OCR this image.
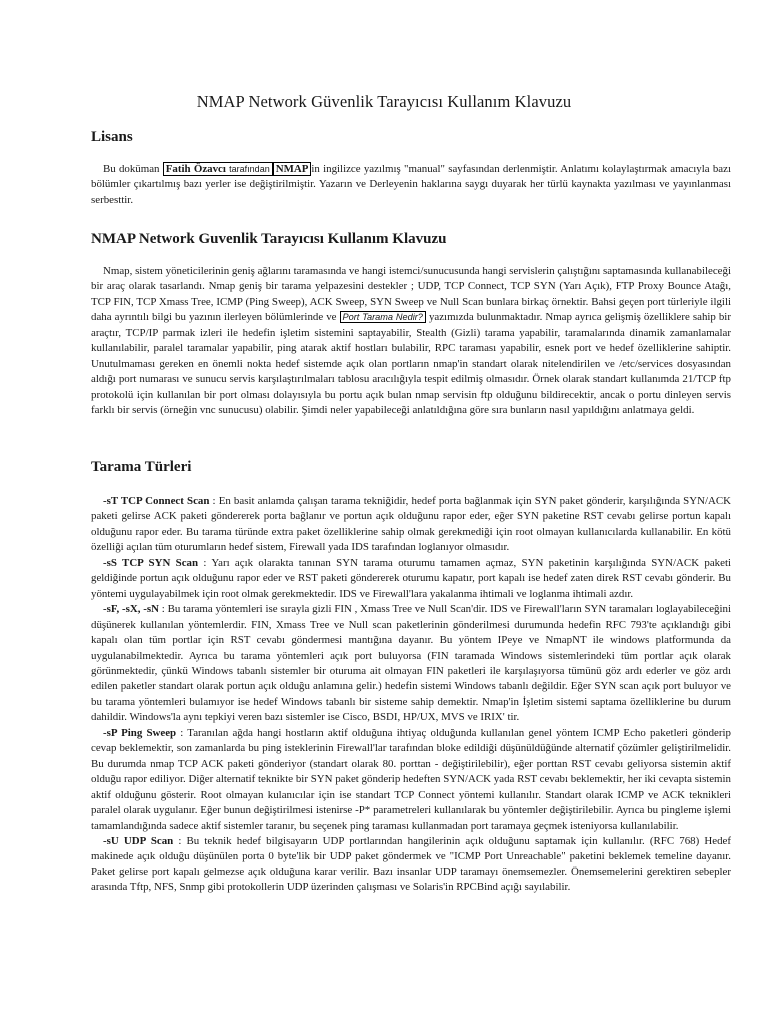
NMAP Network Güvenlik Tarayıcısı Kullanım Klavuzu
Lisans

Bu doküman Fatih Özavcı tarafından NMAP in ingilizce yazılmış "manual" sayfasından derlenmiştir. Anlatımı kolaylaştırmak amacıyla bazı bölümler çıkartılmış bazı yerler ise değiştirilmiştir. Yazarın ve Derleyenin haklarına saygı duyarak her türlü kaynakta yazılması ve yayınlanması serbesttir.

NMAP Network Guvenlik Tarayıcısı Kullanım Klavuzu

Nmap, sistem yöneticilerinin geniş ağlarını taramasında ve hangi istemci/sunucusunda hangi servislerin çalıştığını saptamasında kullanabileceği bir araç olarak tasarlandı. Nmap geniş bir tarama yelpazesini destekler ; UDP, TCP Connect, TCP SYN (Yarı Açık), FTP Proxy Bounce Atağı, TCP FIN, TCP Xmass Tree, ICMP (Ping Sweep), ACK Sweep, SYN Sweep ve Null Scan bunlara birkaç örnektir. Bahsi geçen port türleriyle ilgili daha ayrıntılı bilgi bu yazının ilerleyen bölümlerinde ve Port Tarama Nedir? yazımızda bulunmaktadır. Nmap ayrıca gelişmiş özelliklere sahip bir araçtır, TCP/IP parmak izleri ile hedefin işletim sistemini saptayabilir, Stealth (Gizli) tarama yapabilir, taramalarında dinamik zamanlamalar kullanılabilir, paralel taramalar yapabilir, ping atarak aktif hostları bulabilir, RPC taraması yapabilir, esnek port ve hedef özelliklerine sahiptir. Unutulmaması gereken en önemli nokta hedef sistemde açık olan portların nmap'in standart olarak nitelendirilen ve /etc/services dosyasından aldığı port numarası ve sunucu servis karşılaştırılmaları tablosu aracılığıyla tespit edilmiş olmasıdır. Örnek olarak standart kullanımda 21/TCP ftp protokolü için kullanılan bir port olması dolayısıyla bu portu açık bulan nmap servisin ftp olduğunu bildirecektir, ancak o portu dinleyen servis farklı bir servis (örneğin vnc sunucusu) olabilir. Şimdi neler yapabileceği anlatıldığına göre sıra bunların nasıl yapıldığını anlatmaya geldi.

Tarama Türleri

-sT TCP Connect Scan : En basit anlamda çalışan tarama tekniğidir, hedef porta bağlanmak için SYN paket gönderir, karşılığında SYN/ACK paketi gelirse ACK paketi göndererek porta bağlanır ve portun açık olduğunu rapor eder, eğer SYN paketine RST cevabı gelirse portun kapalı olduğunu rapor eder. Bu tarama türünde extra paket özelliklerine sahip olmak gerekmediği için root olmayan kullanıcılarda kullanabilir. En kötü özelliği açılan tüm oturumların hedef sistem, Firewall yada IDS tarafından loglanıyor olmasıdır.

-sS TCP SYN Scan : Yarı açık olarakta tanınan SYN tarama oturumu tamamen açmaz, SYN paketinin karşılığında SYN/ACK paketi geldiğinde portun açık olduğunu rapor eder ve RST paketi göndererek oturumu kapatır, port kapalı ise hedef zaten direk RST cevabı gönderir. Bu yöntemi uygulayabilmek için root olmak gerekmektedir. IDS ve Firewall'lara yakalanma ihtimali ve loglanma ihtimali azdır.

-sF, -sX, -sN : Bu tarama yöntemleri ise sırayla gizli FIN , Xmass Tree ve Null Scan'dir. IDS ve Firewall'ların SYN taramaları loglayabileceğini düşünerek kullanılan yöntemlerdir. FIN, Xmass Tree ve Null scan paketlerinin gönderilmesi durumunda hedefin RFC 793'te açıklandığı gibi kapalı olan tüm portlar için RST cevabı göndermesi mantığına dayanır. Bu yöntem IPeye ve NmapNT ile windows platformunda da uygulanabilmektedir. Ayrıca bu tarama yöntemleri açık port buluyorsa (FIN taramada Windows sistemlerindeki tüm portlar açık olarak görünmektedir, çünkü Windows tabanlı sistemler bir oturuma ait olmayan FIN paketleri ile karşılaşıyorsa tümünü göz ardı ederler ve göz ardı edilen paketler standart olarak portun açık olduğu anlamına gelir.) hedefin sistemi Windows tabanlı değildir. Eğer SYN scan açık port buluyor ve bu tarama yöntemleri bulamıyor ise hedef Windows tabanlı bir sisteme sahip demektir. Nmap'in İşletim sistemi saptama özelliklerine bu durum dahildir. Windows'la aynı tepkiyi veren bazı sistemler ise Cisco, BSDI, HP/UX, MVS ve IRIX' tir.

-sP Ping Sweep : Taranılan ağda hangi hostların aktif olduğuna ihtiyaç olduğunda kullanılan genel yöntem ICMP Echo paketleri gönderip cevap beklemektir, son zamanlarda bu ping isteklerinin Firewall'lar tarafından bloke edildiği düşünüldüğünde alternatif çözümler geliştirilmelidir. Bu durumda nmap TCP ACK paketi gönderiyor (standart olarak 80. porttan - değiştirilebilir), eğer porttan RST cevabı geliyorsa sistemin aktif olduğu rapor ediliyor. Diğer alternatif teknikte bir SYN paket gönderip hedeften SYN/ACK yada RST cevabı beklemektir, her iki cevapta sistemin aktif olduğunu gösterir. Root olmayan kulanıcılar için ise standart TCP Connect yöntemi kullanılır. Standart olarak ICMP ve ACK teknikleri paralel olarak uygulanır. Eğer bunun değiştirilmesi istenirse -P* parametreleri kullanılarak bu yöntemler değiştirilebilir. Ayrıca bu pingleme işlemi tamamlandığında sadece aktif sistemler taranır, bu seçenek ping taraması kullanmadan port taramaya geçmek isteniyorsa kullanılabilir.

-sU UDP Scan : Bu teknik hedef bilgisayarın UDP portlarından hangilerinin açık olduğunu saptamak için kullanılır. (RFC 768) Hedef makinede açık olduğu düşünülen porta 0 byte'lik bir UDP paket göndermek ve "ICMP Port Unreachable" paketini beklemek temeline dayanır. Paket gelirse port kapalı gelmezse açık olduğuna karar verilir. Bazı insanlar UDP taramayı önemsemezler. Önemsemelerini gerektiren sebepler arasında Tftp, NFS, Snmp gibi protokollerin UDP üzerinden çalışması ve Solaris'in RPCBind açığı sayılabilir.
